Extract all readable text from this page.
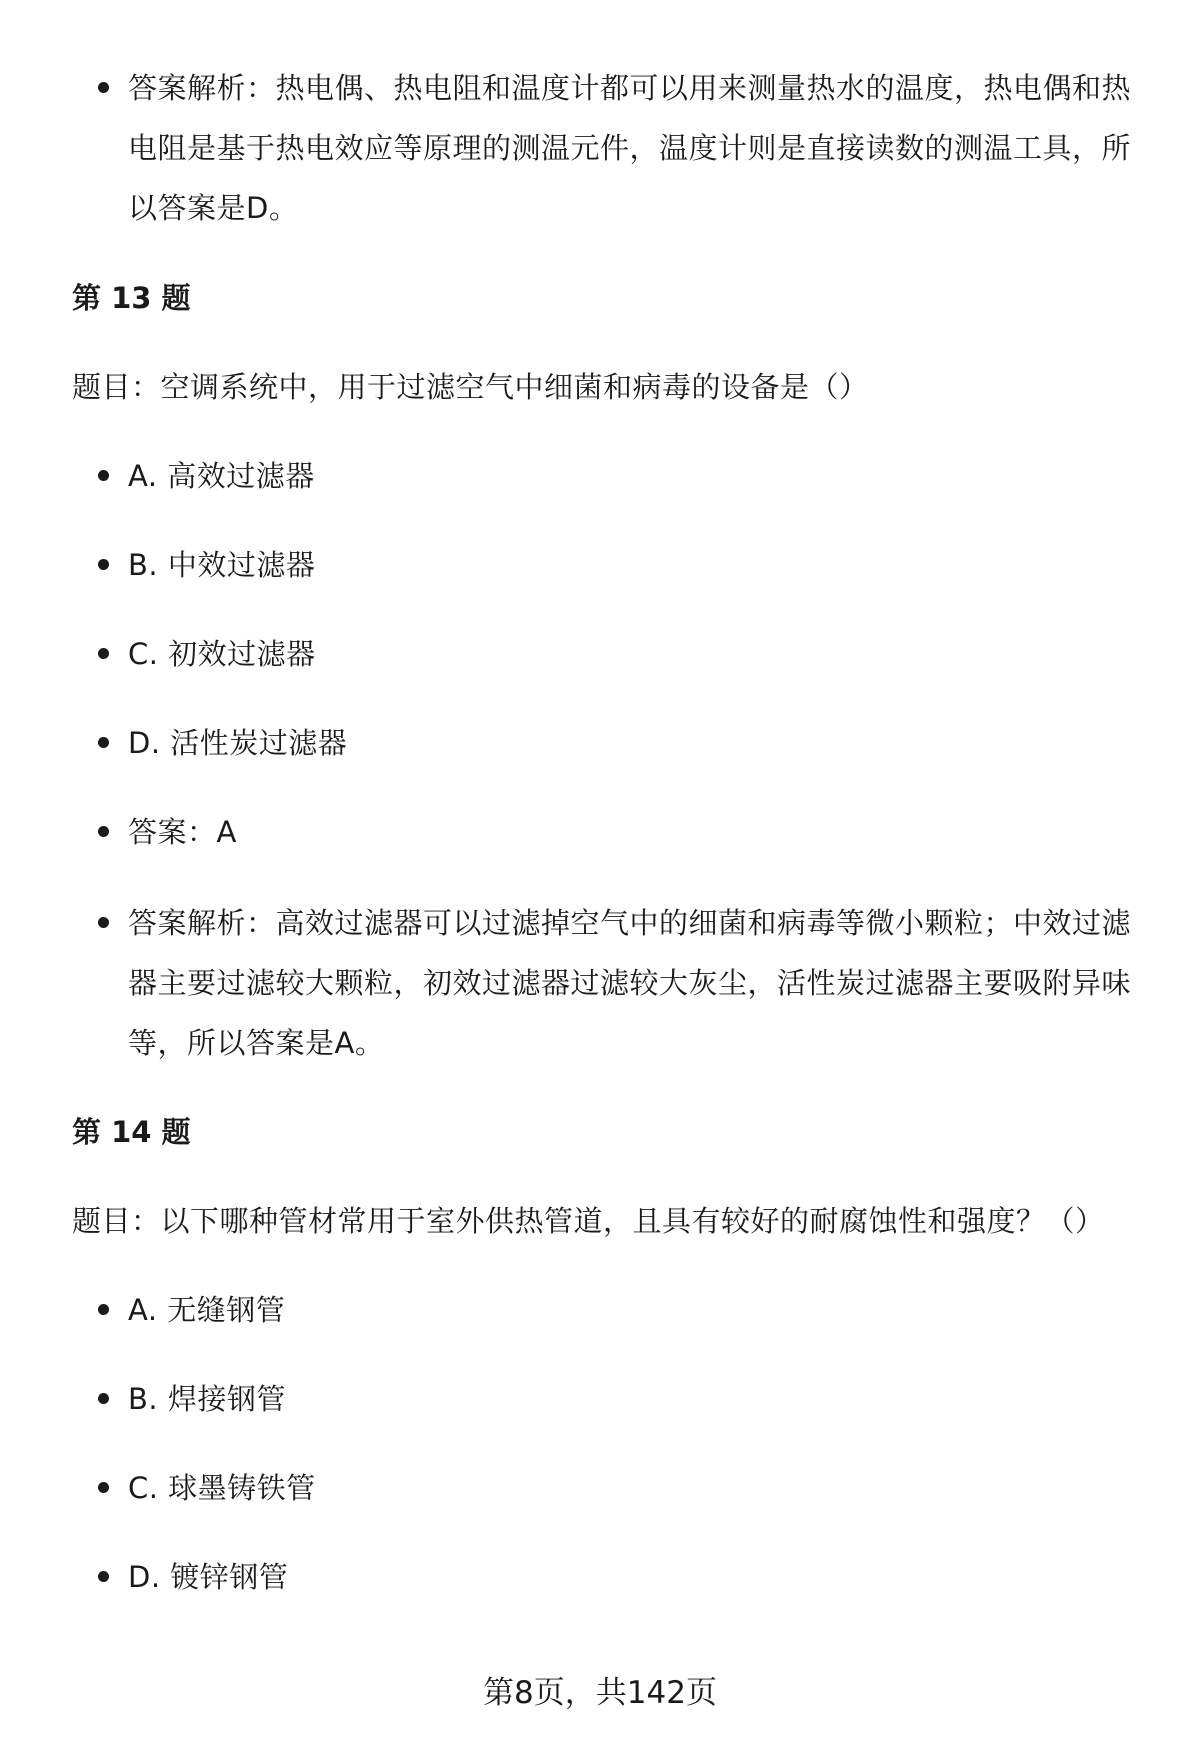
答案解析：热电偶、热电阻和温度计都可以用来测量热水的温度，热电偶和热电阻是基于热电效应等原理的测温元件，温度计则是直接读数的测温工具，所以答案是D。
第 13 题
题目：空调系统中，用于过滤空气中细菌和病毒的设备是（）
A. 高效过滤器
B. 中效过滤器
C. 初效过滤器
D. 活性炭过滤器
答案：A
答案解析：高效过滤器可以过滤掉空气中的细菌和病毒等微小颗粒；中效过滤器主要过滤较大颗粒，初效过滤器过滤较大灰尘，活性炭过滤器主要吸附异味等，所以答案是A。
第 14 题
题目：以下哪种管材常用于室外供热管道，且具有较好的耐腐蚀性和强度？（）
A. 无缝钢管
B. 焊接钢管
C. 球墨铸铁管
D. 镀锌钢管
第8页，共142页
